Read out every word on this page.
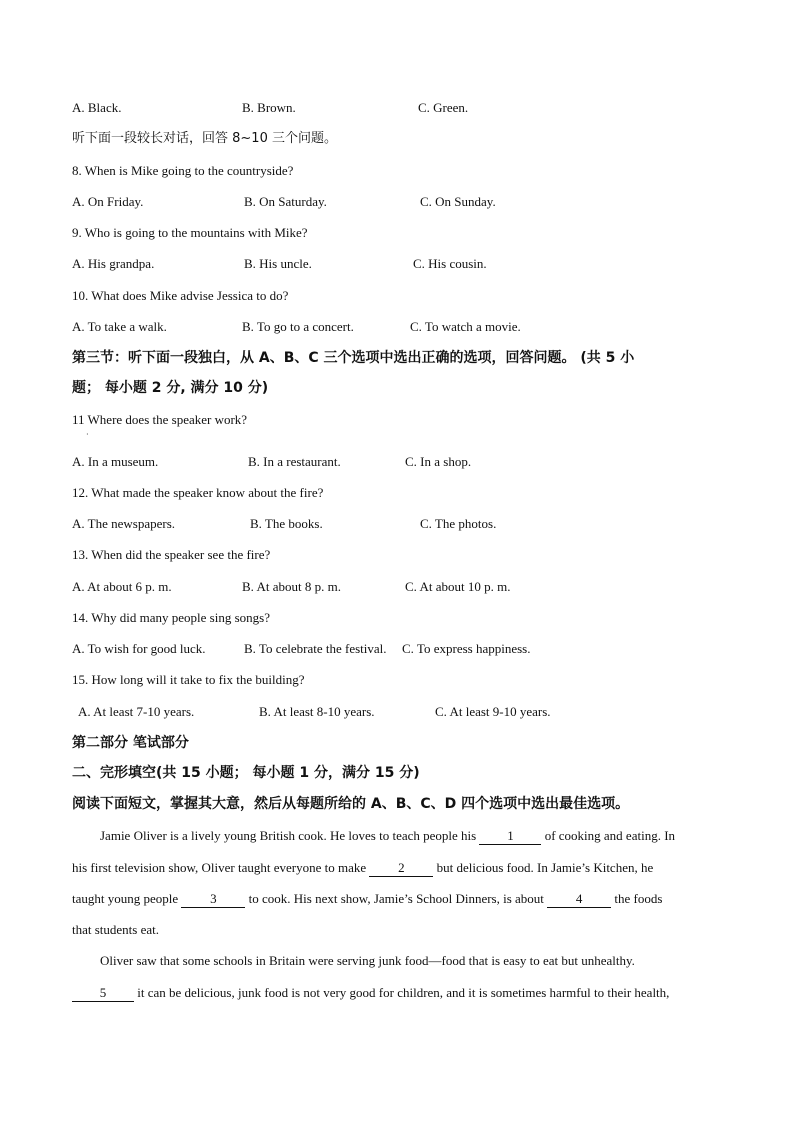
A. Black.	B. Brown.	C. Green.
听下面一段较长对话，回答 8~10 三个问题。
8. When is Mike going to the countryside?
A. On Friday.	B. On Saturday.	C. On Sunday.
9. Who is going to the mountains with Mike?
A. His grandpa.	B. His uncle.	C. His cousin.
10. What does Mike advise Jessica to do?
A. To take a walk.	B. To go to a concert.	C. To watch a movie.
第三节：听下面一段独白，从 A、B、C 三个选项中选出正确的选项，回答问题。 (共 5 小
题； 每小题 2 分, 满分 10 分)
11 Where does the speaker work?
·
A. In a museum.	B. In a restaurant.	C. In a shop.
12. What made the speaker know about the fire?
A. The newspapers.	B. The books.	C. The photos.
13. When did the speaker see the fire?
A. At about 6 p. m.	B. At about 8 p. m.	C. At about 10 p. m.
14. Why did many people sing songs?
A. To wish for good luck.	B. To celebrate the festival. C. To express happiness.
15. How long will it take to fix the building?
A. At least 7-10 years.	B. At least 8-10 years.	C. At least 9-10 years.
第二部分 笔试部分
二、完形填空(共 15 小题； 每小题 1 分，满分 15 分)
阅读下面短文，掌握其大意，然后从每题所给的 A、B、C、D 四个选项中选出最佳选项。
Jamie Oliver is a lively young British cook. He loves to teach people his 1 of cooking and eating. In
his first television show, Oliver taught everyone to make 2 but delicious food. In Jamie’s Kitchen, he
taught young people 3 to cook. His next show, Jamie’s School Dinners, is about 4 the foods
that students eat.
Oliver saw that some schools in Britain were serving junk food—food that is easy to eat but unhealthy.
5 it can be delicious, junk food is not very good for children, and it is sometimes harmful to their health,
